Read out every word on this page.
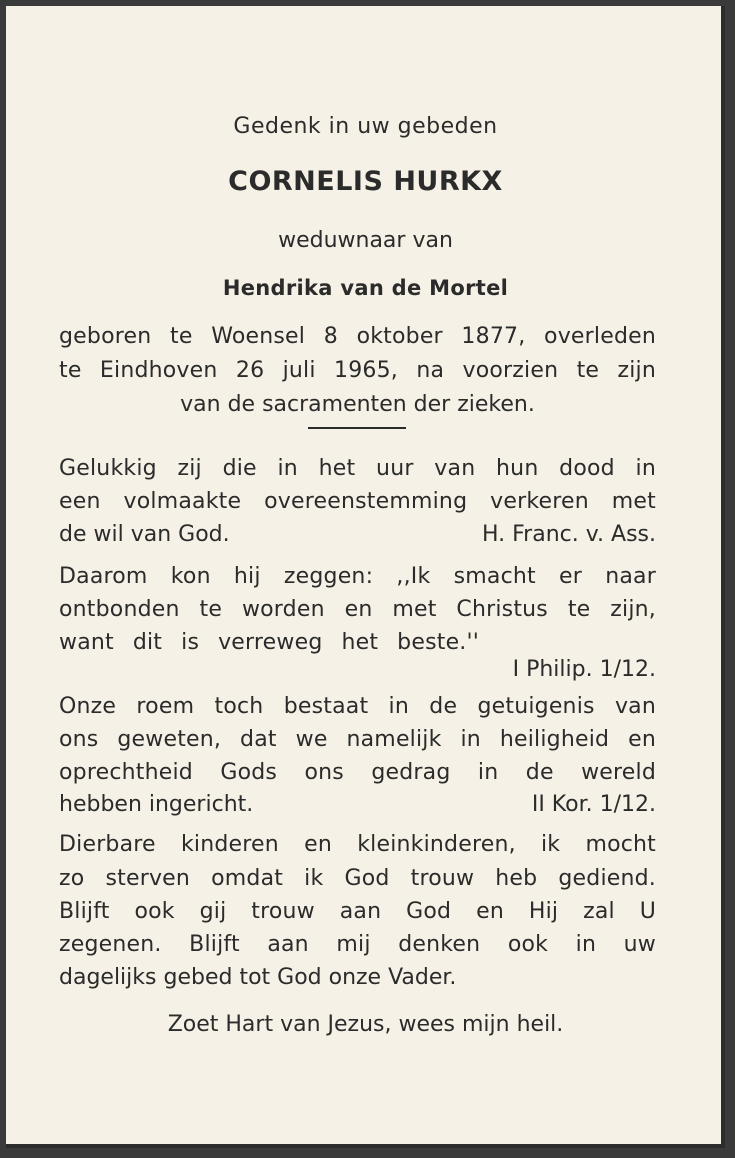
Gedenk in uw gebeden
CORNELIS HURKX
weduwnaar van
Hendrika van de Mortel
geboren te Woensel 8 oktober 1877, overleden
te Eindhoven 26 juli 1965, na voorzien te zijn
van de sacramenten der zieken.
Gelukkig zij die in het uur van hun dood in
een volmaakte overeenstemming verkeren met
de wil van God.	H. Franc. v. Ass.
Daarom kon hij zeggen: ,,Ik smacht er naar
ontbonden te worden en met Christus te zijn,
want dit is verreweg het beste.''
I Philip. 1/12.
Onze roem toch bestaat in de getuigenis van
ons geweten, dat we namelijk in heiligheid en
oprechtheid Gods ons gedrag in de wereld
hebben ingericht.	II Kor. 1/12.
Dierbare kinderen en kleinkinderen, ik mocht
zo sterven omdat ik God trouw heb gediend.
Blijft ook gij trouw aan God en Hij zal U
zegenen. Blijft aan mij denken ook in uw
dagelijks gebed tot God onze Vader.
Zoet Hart van Jezus, wees mijn heil.
